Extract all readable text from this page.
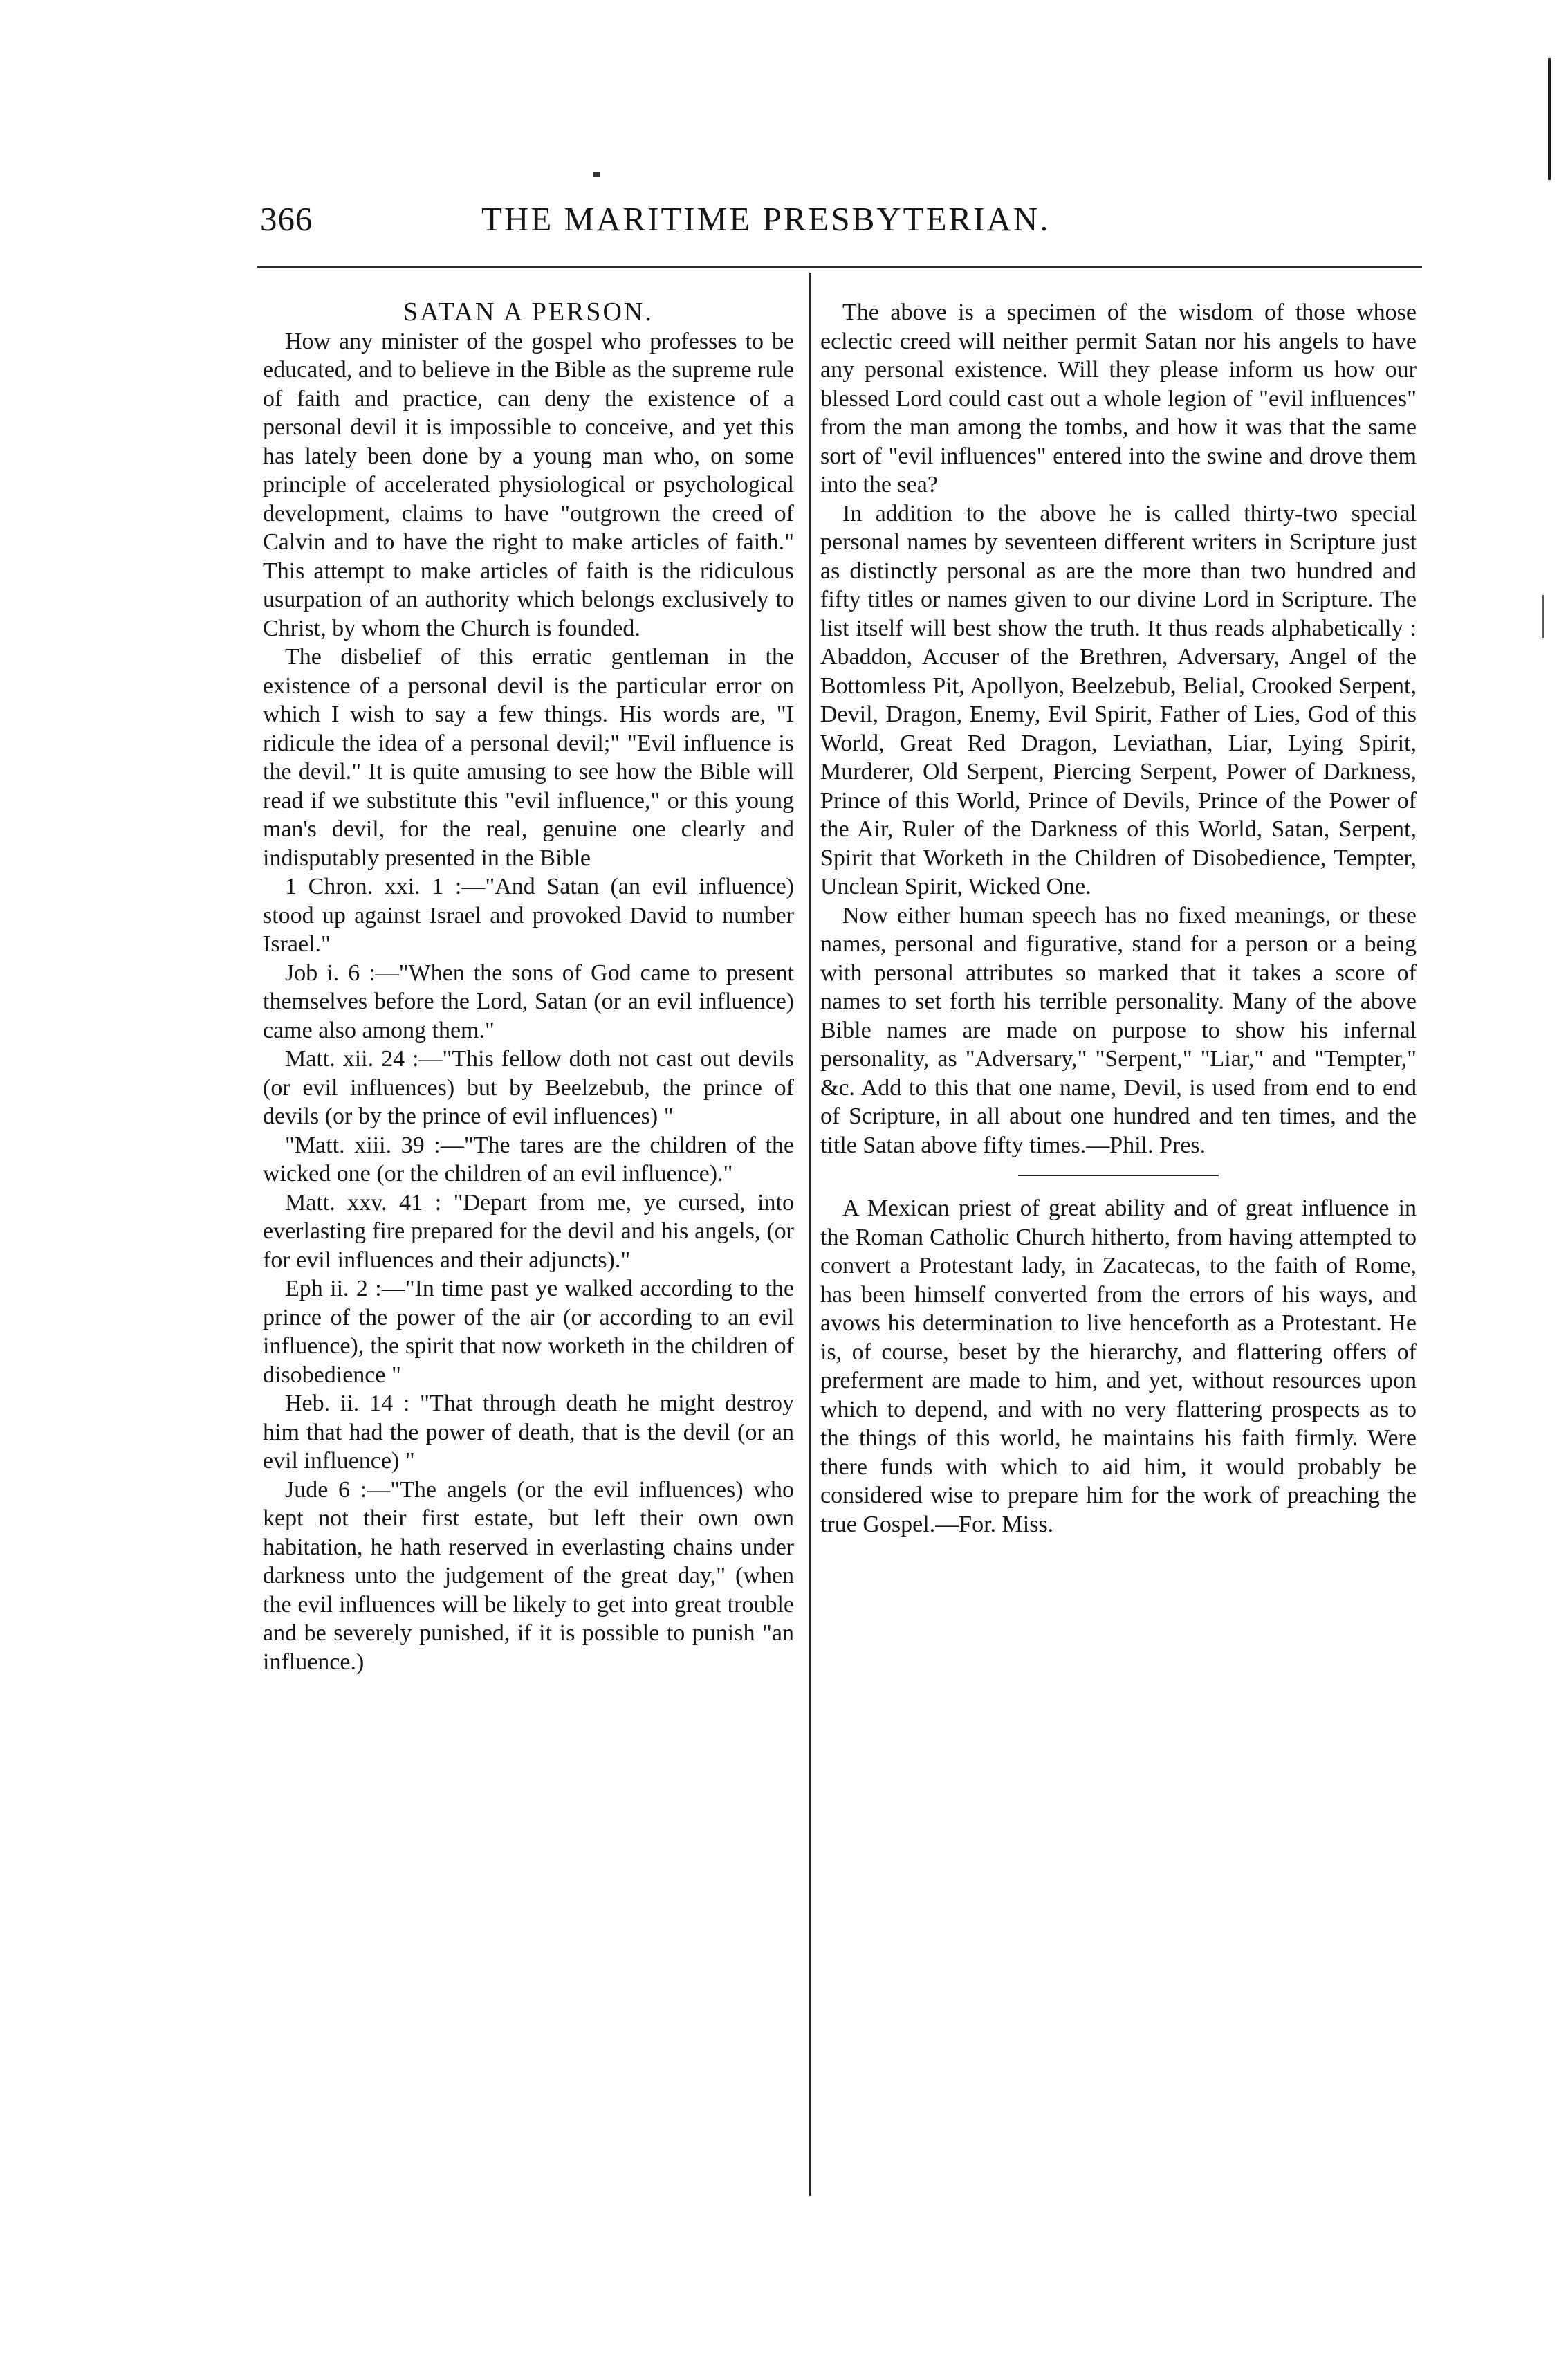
366	THE MARITIME PRESBYTERIAN.

SATAN A PERSON.

How any minister of the gospel who professes to be educated, and to believe in the Bible as the supreme rule of faith and practice, can deny the existence of a personal devil it is impossible to conceive, and yet this has lately been done by a young man who, on some principle of accelerated physiological or psychological development, claims to have "outgrown the creed of Calvin and to have the right to make articles of faith." This attempt to make articles of faith is the ridiculous usurpation of an authority which belongs exclusively to Christ, by whom the Church is founded.

The disbelief of this erratic gentleman in the existence of a personal devil is the particular error on which I wish to say a few things. His words are, "I ridicule the idea of a personal devil;" "Evil influence is the devil." It is quite amusing to see how the Bible will read if we substitute this "evil influence," or this young man's devil, for the real, genuine one clearly and indisputably presented in the Bible

1 Chron. xxi. 1 :—"And Satan (an evil influence) stood up against Israel and provoked David to number Israel."

Job i. 6 :—"When the sons of God came to present themselves before the Lord, Satan (or an evil influence) came also among them."

Matt. xii. 24 :—"This fellow doth not cast out devils (or evil influences) but by Beelzebub, the prince of devils (or by the prince of evil influences) "

"Matt. xiii. 39 :—"The tares are the children of the wicked one (or the children of an evil influence)."

Matt. xxv. 41 : "Depart from me, ye cursed, into everlasting fire prepared for the devil and his angels, (or for evil influences and their adjuncts)."

Eph ii. 2 :—"In time past ye walked according to the prince of the power of the air (or according to an evil influence), the spirit that now worketh in the children of disobedience "

Heb. ii. 14 : "That through death he might destroy him that had the power of death, that is the devil (or an evil influence) "

Jude 6 :—"The angels (or the evil influences) who kept not their first estate, but left their own own habitation, he hath reserved in everlasting chains under darkness unto the judgement of the great day," (when the evil influences will be likely to get into great trouble and be severely punished, if it is possible to punish "an influence.)

The above is a specimen of the wisdom of those whose eclectic creed will neither permit Satan nor his angels to have any personal existence. Will they please inform us how our blessed Lord could cast out a whole legion of "evil influences" from the man among the tombs, and how it was that the same sort of "evil influences" entered into the swine and drove them into the sea?

In addition to the above he is called thirty-two special personal names by seventeen different writers in Scripture just as distinctly personal as are the more than two hundred and fifty titles or names given to our divine Lord in Scripture. The list itself will best show the truth. It thus reads alphabetically : Abaddon, Accuser of the Brethren, Adversary, Angel of the Bottomless Pit, Apollyon, Beelzebub, Belial, Crooked Serpent, Devil, Dragon, Enemy, Evil Spirit, Father of Lies, God of this World, Great Red Dragon, Leviathan, Liar, Lying Spirit, Murderer, Old Serpent, Piercing Serpent, Power of Darkness, Prince of this World, Prince of Devils, Prince of the Power of the Air, Ruler of the Darkness of this World, Satan, Serpent, Spirit that Worketh in the Children of Disobedience, Tempter, Unclean Spirit, Wicked One.

Now either human speech has no fixed meanings, or these names, personal and figurative, stand for a person or a being with personal attributes so marked that it takes a score of names to set forth his terrible personality. Many of the above Bible names are made on purpose to show his infernal personality, as "Adversary," "Serpent," "Liar," and "Tempter," &c. Add to this that one name, Devil, is used from end to end of Scripture, in all about one hundred and ten times, and the title Satan above fifty times.—Phil. Pres.

A Mexican priest of great ability and of great influence in the Roman Catholic Church hitherto, from having attempted to convert a Protestant lady, in Zacatecas, to the faith of Rome, has been himself converted from the errors of his ways, and avows his determination to live henceforth as a Protestant. He is, of course, beset by the hierarchy, and flattering offers of preferment are made to him, and yet, without resources upon which to depend, and with no very flattering prospects as to the things of this world, he maintains his faith firmly. Were there funds with which to aid him, it would probably be considered wise to prepare him for the work of preaching the true Gospel.—For. Miss.
